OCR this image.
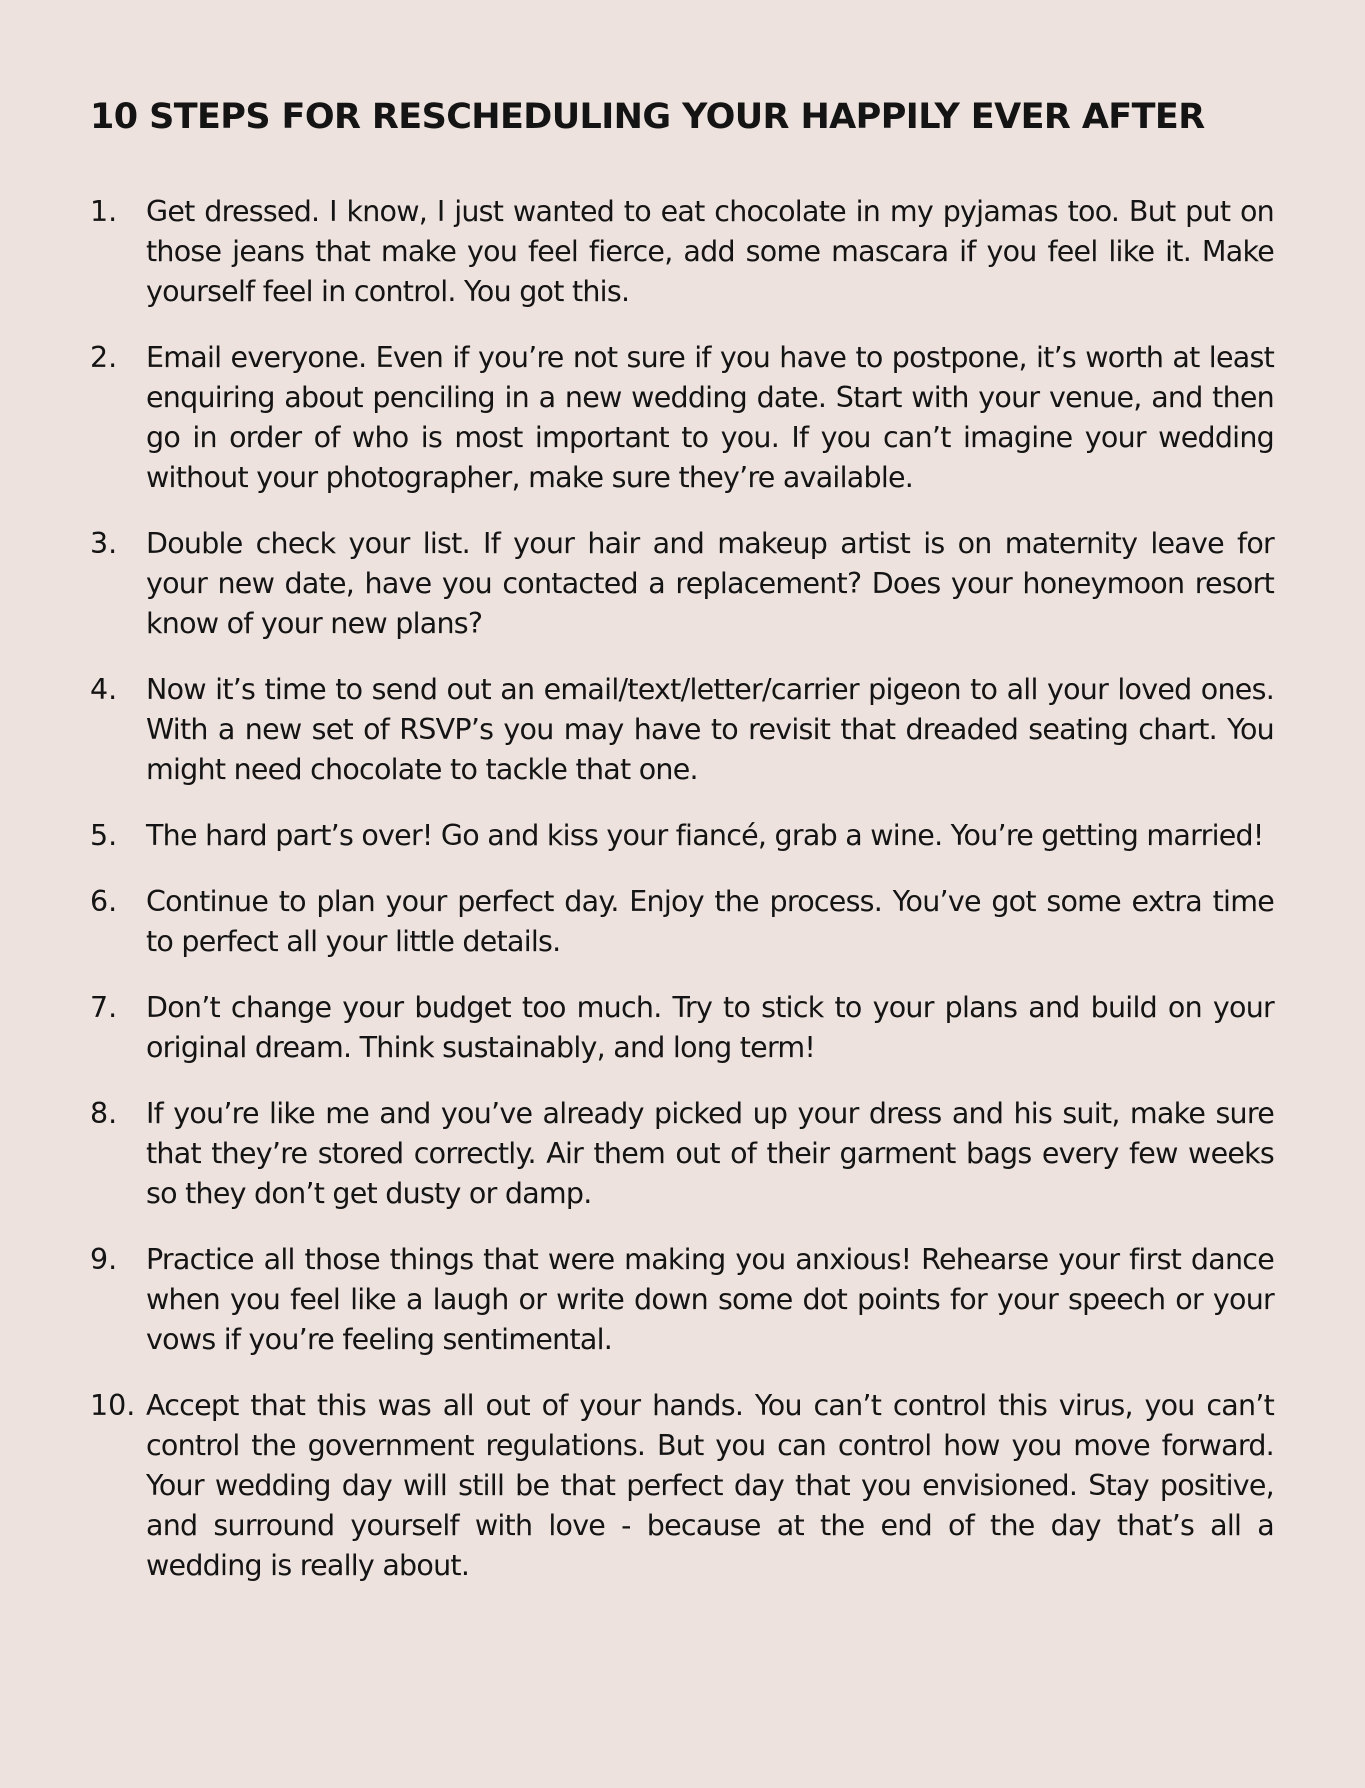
10 STEPS FOR RESCHEDULING YOUR HAPPILY EVER AFTER
1.	Get dressed. I know, I just wanted to eat chocolate in my pyjamas too. But put on those jeans that make you feel fierce, add some mascara if you feel like it. Make yourself feel in control. You got this.
2.	Email everyone. Even if you’re not sure if you have to postpone, it’s worth at least enquiring about penciling in a new wedding date. Start with your venue, and then go in order of who is most important to you. If you can’t imagine your wedding without your photographer, make sure they’re available.
3.	Double check your list. If your hair and makeup artist is on maternity leave for your new date, have you contacted a replacement? Does your honeymoon resort know of your new plans?
4.	Now it’s time to send out an email/text/letter/carrier pigeon to all your loved ones. With a new set of RSVP’s you may have to revisit that dreaded seating chart. You might need chocolate to tackle that one.
5.	The hard part’s over! Go and kiss your fiancé, grab a wine. You’re getting married!
6.	Continue to plan your perfect day. Enjoy the process. You’ve got some extra time to perfect all your little details.
7.	Don’t change your budget too much. Try to stick to your plans and build on your original dream. Think sustainably, and long term!
8.	If you’re like me and you’ve already picked up your dress and his suit, make sure that they’re stored correctly. Air them out of their garment bags every few weeks so they don’t get dusty or damp.
9.	Practice all those things that were making you anxious! Rehearse your first dance when you feel like a laugh or write down some dot points for your speech or your vows if you’re feeling sentimental.
10. Accept that this was all out of your hands. You can’t control this virus, you can’t control the government regulations. But you can control how you move forward. Your wedding day will still be that perfect day that you envisioned. Stay positive, and surround yourself with love - because at the end of the day that’s all a wedding is really about.
